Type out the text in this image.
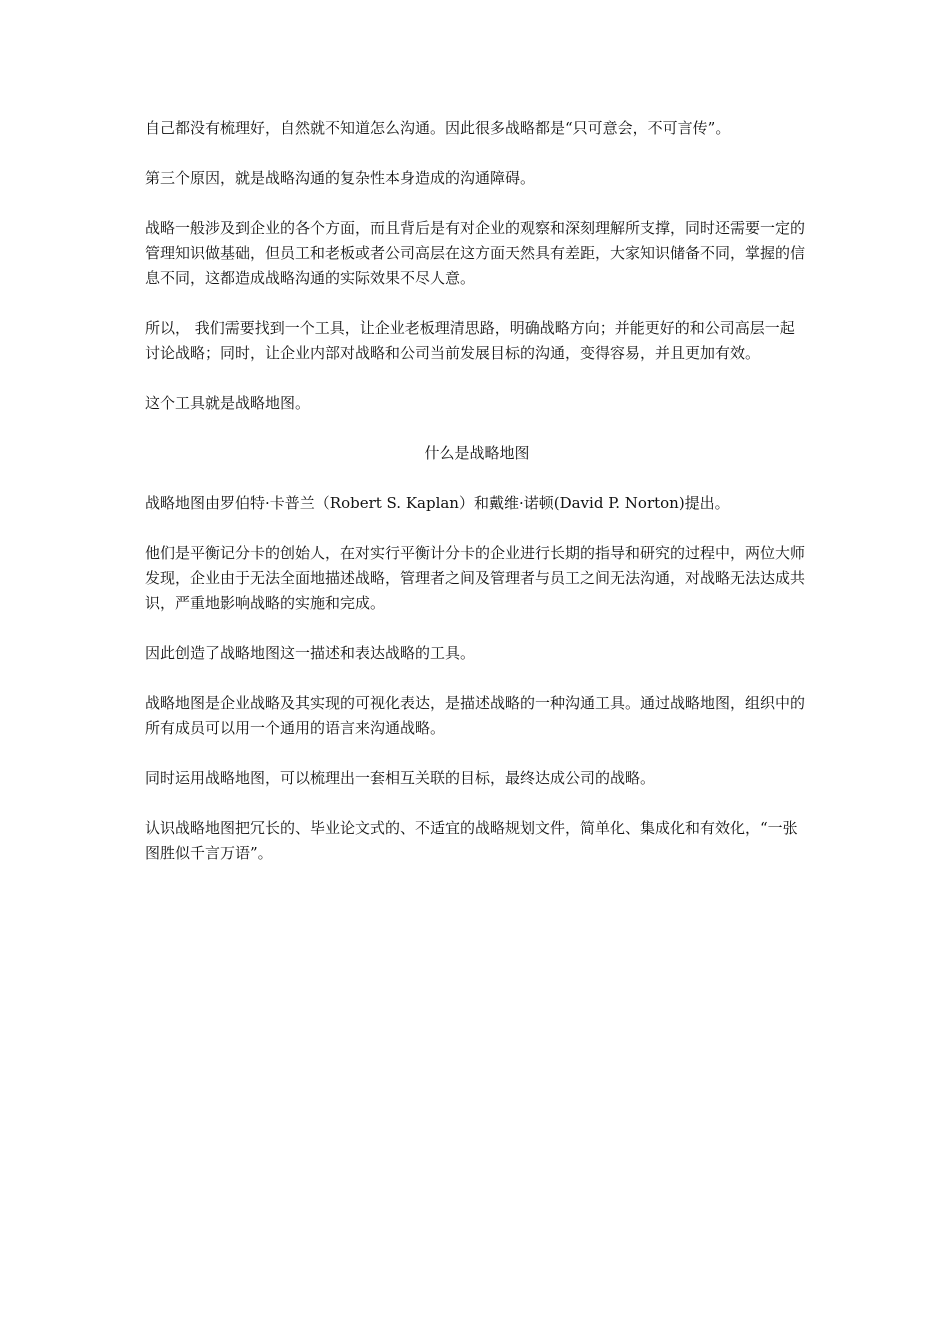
自己都没有梳理好，自然就不知道怎么沟通。因此很多战略都是“只可意会，不可言传”。

第三个原因，就是战略沟通的复杂性本身造成的沟通障碍。

战略一般涉及到企业的各个方面，而且背后是有对企业的观察和深刻理解所支撑，同时还需要一定的管理知识做基础，但员工和老板或者公司高层在这方面天然具有差距，大家知识储备不同，掌握的信息不同，这都造成战略沟通的实际效果不尽人意。

所以， 我们需要找到一个工具，让企业老板理清思路，明确战略方向；并能更好的和公司高层一起讨论战略；同时，让企业内部对战略和公司当前发展目标的沟通，变得容易，并且更加有效。

这个工具就是战略地图。

什么是战略地图

战略地图由罗伯特·卡普兰（Robert S. Kaplan）和戴维·诺顿(David P. Norton)提出。

他们是平衡记分卡的创始人，在对实行平衡计分卡的企业进行长期的指导和研究的过程中，两位大师发现，企业由于无法全面地描述战略，管理者之间及管理者与员工之间无法沟通，对战略无法达成共识，严重地影响战略的实施和完成。

因此创造了战略地图这一描述和表达战略的工具。

战略地图是企业战略及其实现的可视化表达，是描述战略的一种沟通工具。通过战略地图，组织中的所有成员可以用一个通用的语言来沟通战略。

同时运用战略地图，可以梳理出一套相互关联的目标，最终达成公司的战略。

认识战略地图把冗长的、毕业论文式的、不适宜的战略规划文件，简单化、集成化和有效化，“一张图胜似千言万语”。
